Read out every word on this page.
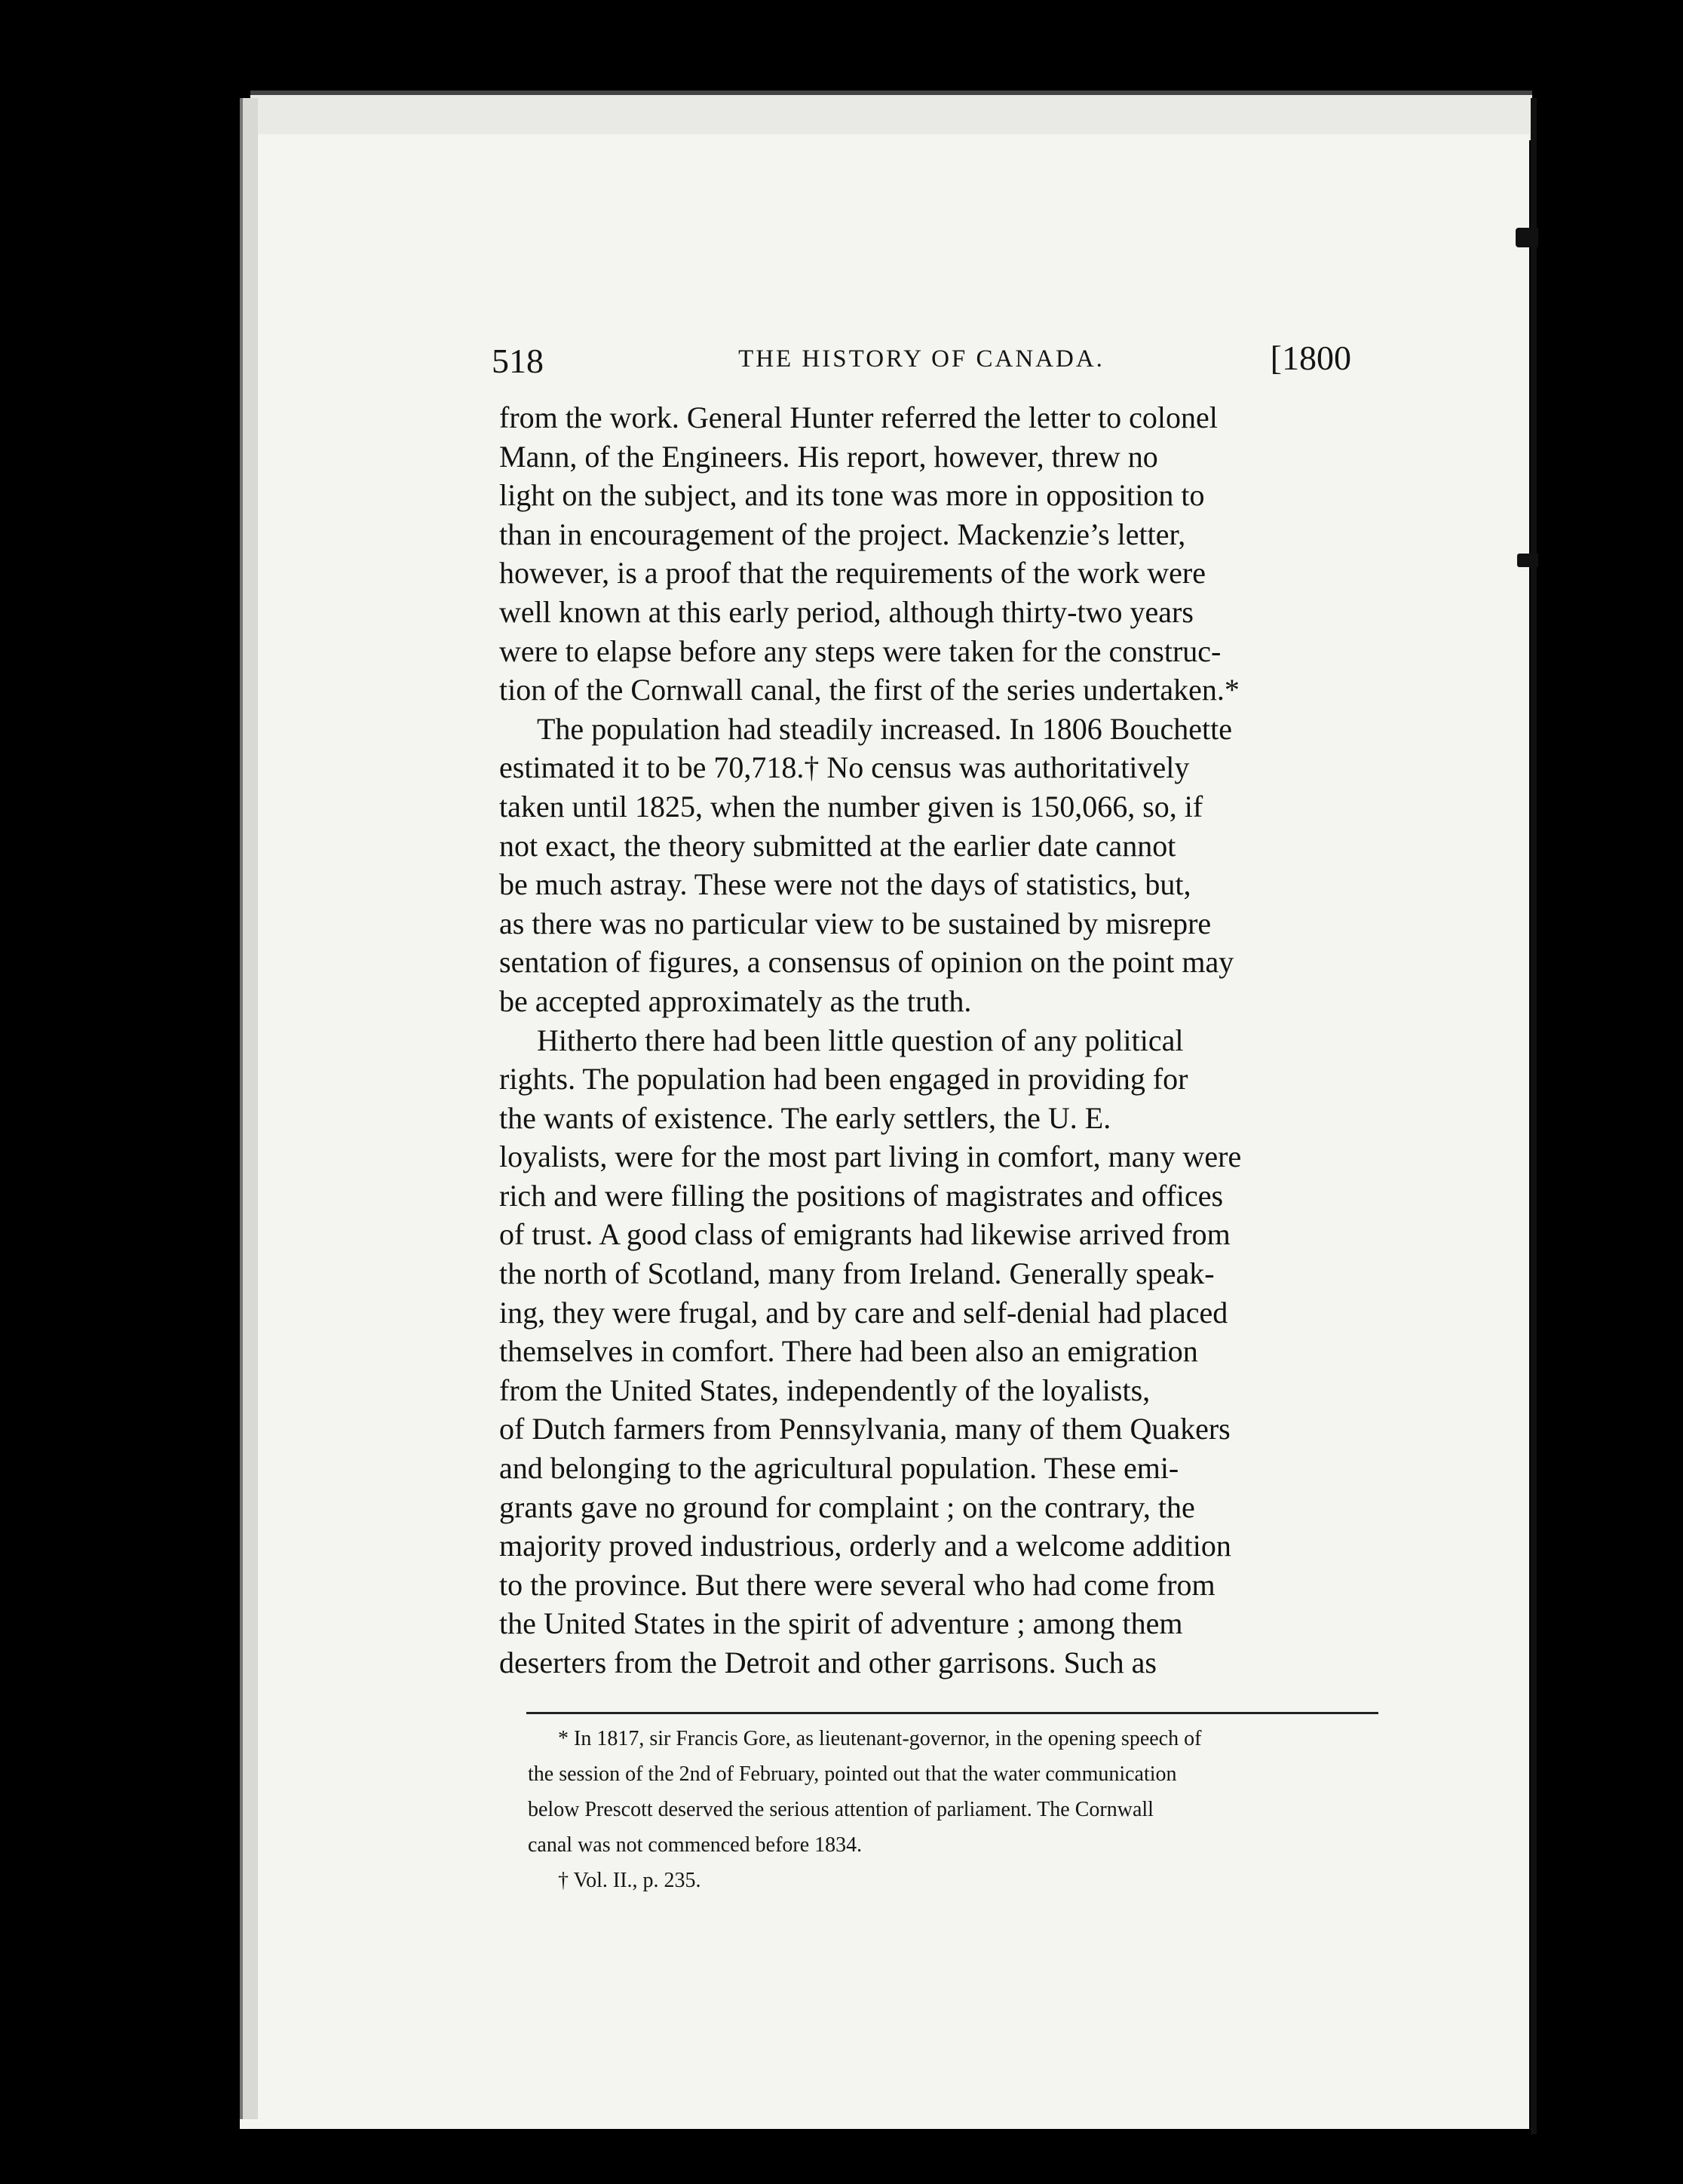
518	THE HISTORY OF CANADA.	[1800

from the work. General Hunter referred the letter to colonelMann, of the Engineers. His report, however, threw nolight on the subject, and its tone was more in opposition tothan in encouragement of the project. Mackenzie’s letter,however, is a proof that the requirements of the work werewell known at this early period, although thirty-two yearswere to elapse before any steps were taken for the construc-tion of the Cornwall canal, the first of the series undertaken.*

The population had steadily increased. In 1806 Bouchetteestimated it to be 70,718.† No census was authoritativelytaken until 1825, when the number given is 150,066, so, ifnot exact, the theory submitted at the earlier date cannotbe much astray. These were not the days of statistics, but,as there was no particular view to be sustained by misrepresentation of figures, a consensus of opinion on the point maybe accepted approximately as the truth.

Hitherto there had been little question of any politicalrights. The population had been engaged in providing forthe wants of existence. The early settlers, the U. E.loyalists, were for the most part living in comfort, many wererich and were filling the positions of magistrates and officesof trust. A good class of emigrants had likewise arrived fromthe north of Scotland, many from Ireland. Generally speak-ing, they were frugal, and by care and self-denial had placedthemselves in comfort. There had been also an emigrationfrom the United States, independently of the loyalists,of Dutch farmers from Pennsylvania, many of them Quakersand belonging to the agricultural population. These emi-grants gave no ground for complaint ; on the contrary, themajority proved industrious, orderly and a welcome additionto the province. But there were several who had come fromthe United States in the spirit of adventure ; among themdeserters from the Detroit and other garrisons. Such as

* In 1817, sir Francis Gore, as lieutenant-governor, in the opening speech ofthe session of the 2nd of February, pointed out that the water communicationbelow Prescott deserved the serious attention of parliament. The Cornwallcanal was not commenced before 1834.

† Vol. II., p. 235.
